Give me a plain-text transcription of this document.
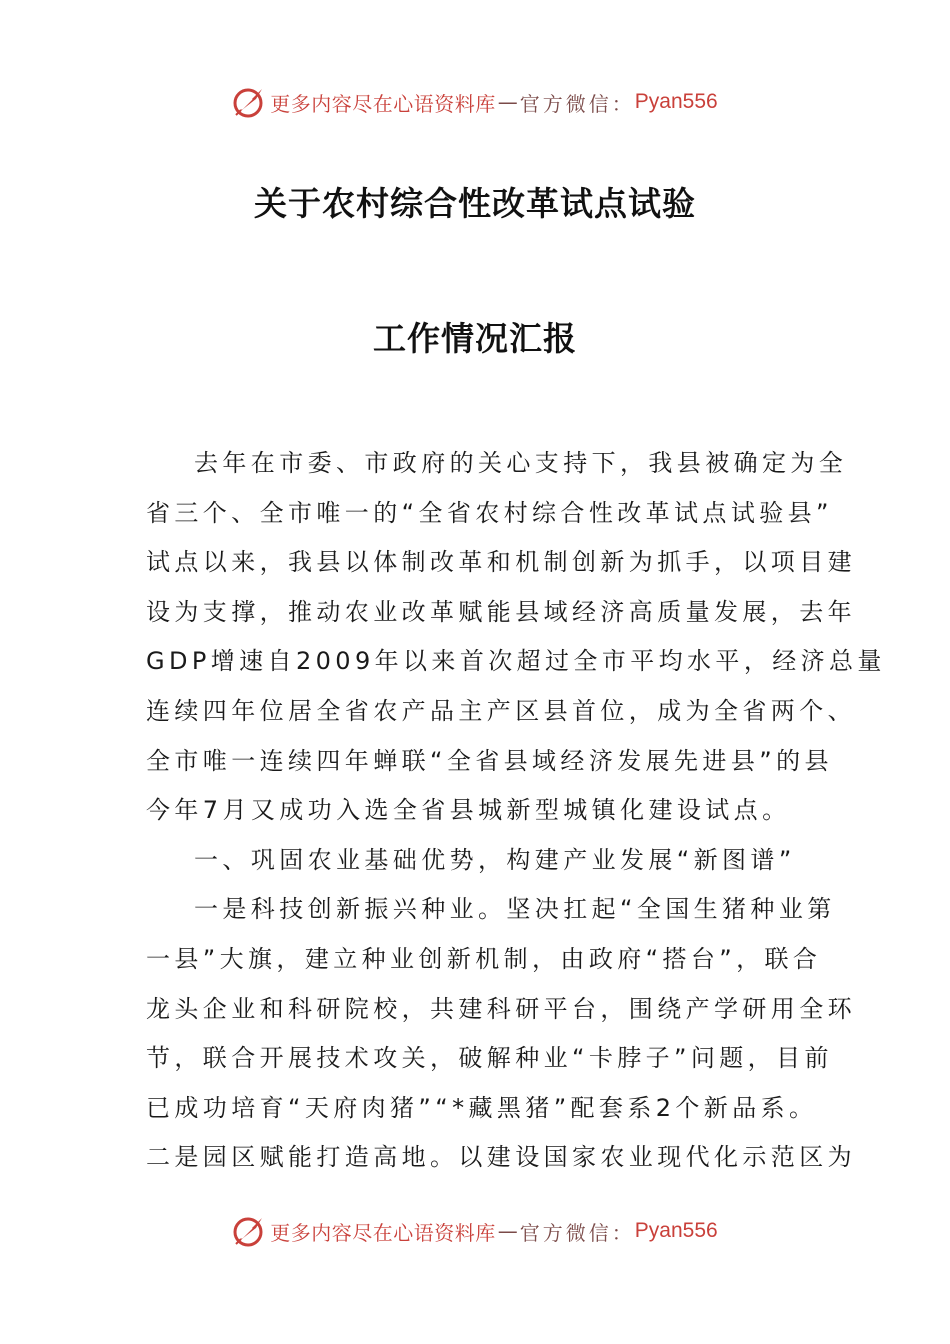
更多内容尽在心语资料库 — 官方微信： Pyan556
关于农村综合性改革试点试验
工作情况汇报
去年在市委、市政府的关心支持下，我县被确定为全
省三个、全市唯一的“全省农村综合性改革试点试验县”
试点以来，我县以体制改革和机制创新为抓手，以项目建
设为支撑，推动农业改革赋能县域经济高质量发展，去年
GDP增速自2009年以来首次超过全市平均水平，经济总量
连续四年位居全省农产品主产区县首位，成为全省两个、
全市唯一连续四年蝉联“全省县域经济发展先进县”的县
今年7月又成功入选全省县城新型城镇化建设试点。
一、巩固农业基础优势，构建产业发展“新图谱”
一是科技创新振兴种业。坚决扛起“全国生猪种业第
一县”大旗，建立种业创新机制，由政府“搭台”，联合
龙头企业和科研院校，共建科研平台，围绕产学研用全环
节，联合开展技术攻关，破解种业“卡脖子”问题，目前
已成功培育“天府肉猪”“*藏黑猪”配套系2个新品系。
二是园区赋能打造高地。以建设国家农业现代化示范区为
更多内容尽在心语资料库 — 官方微信： Pyan556
